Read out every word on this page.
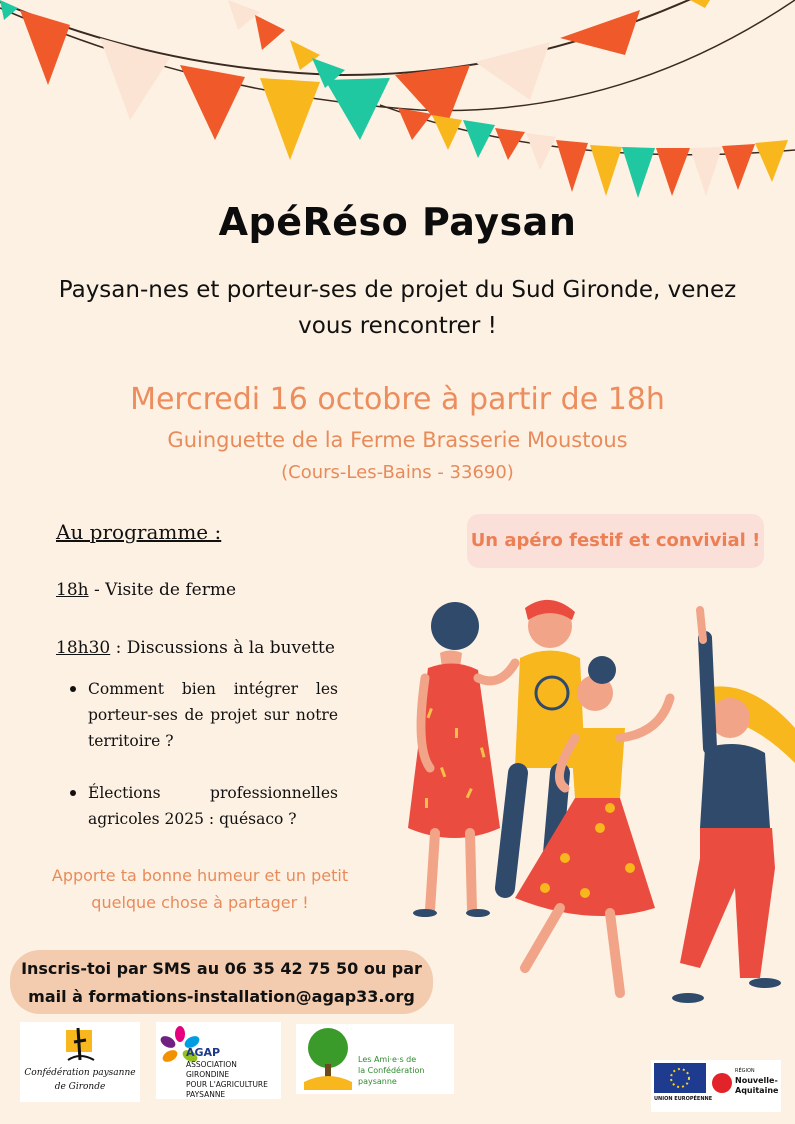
ApéRéso Paysan
Paysan-nes et porteur-ses de projet du Sud Gironde, venez
vous rencontrer !
Mercredi 16 octobre à partir de 18h
Guinguette de la Ferme Brasserie Moustous
(Cours-Les-Bains - 33690)
Au programme :
18h - Visite de ferme
18h30 : Discussions à la buvette
Comment bien intégrer les porteur-ses de projet sur notre territoire ?
Élections professionnelles agricoles 2025 : quésaco ?
Apporte ta bonne humeur et un petit
quelque chose à partager !
Un apéro festif et convivial !
Inscris-toi par SMS au 06 35 42 75 50 ou par
mail à formations-installation@agap33.org
Confédération paysanne
de Gironde
AGAP
ASSOCIATION GIRONDINE
POUR L'AGRICULTURE
PAYSANNE
Les Ami·e·s de
la Confédération paysanne
UNION EUROPÉENNE
RÉGION
Nouvelle-
Aquitaine
